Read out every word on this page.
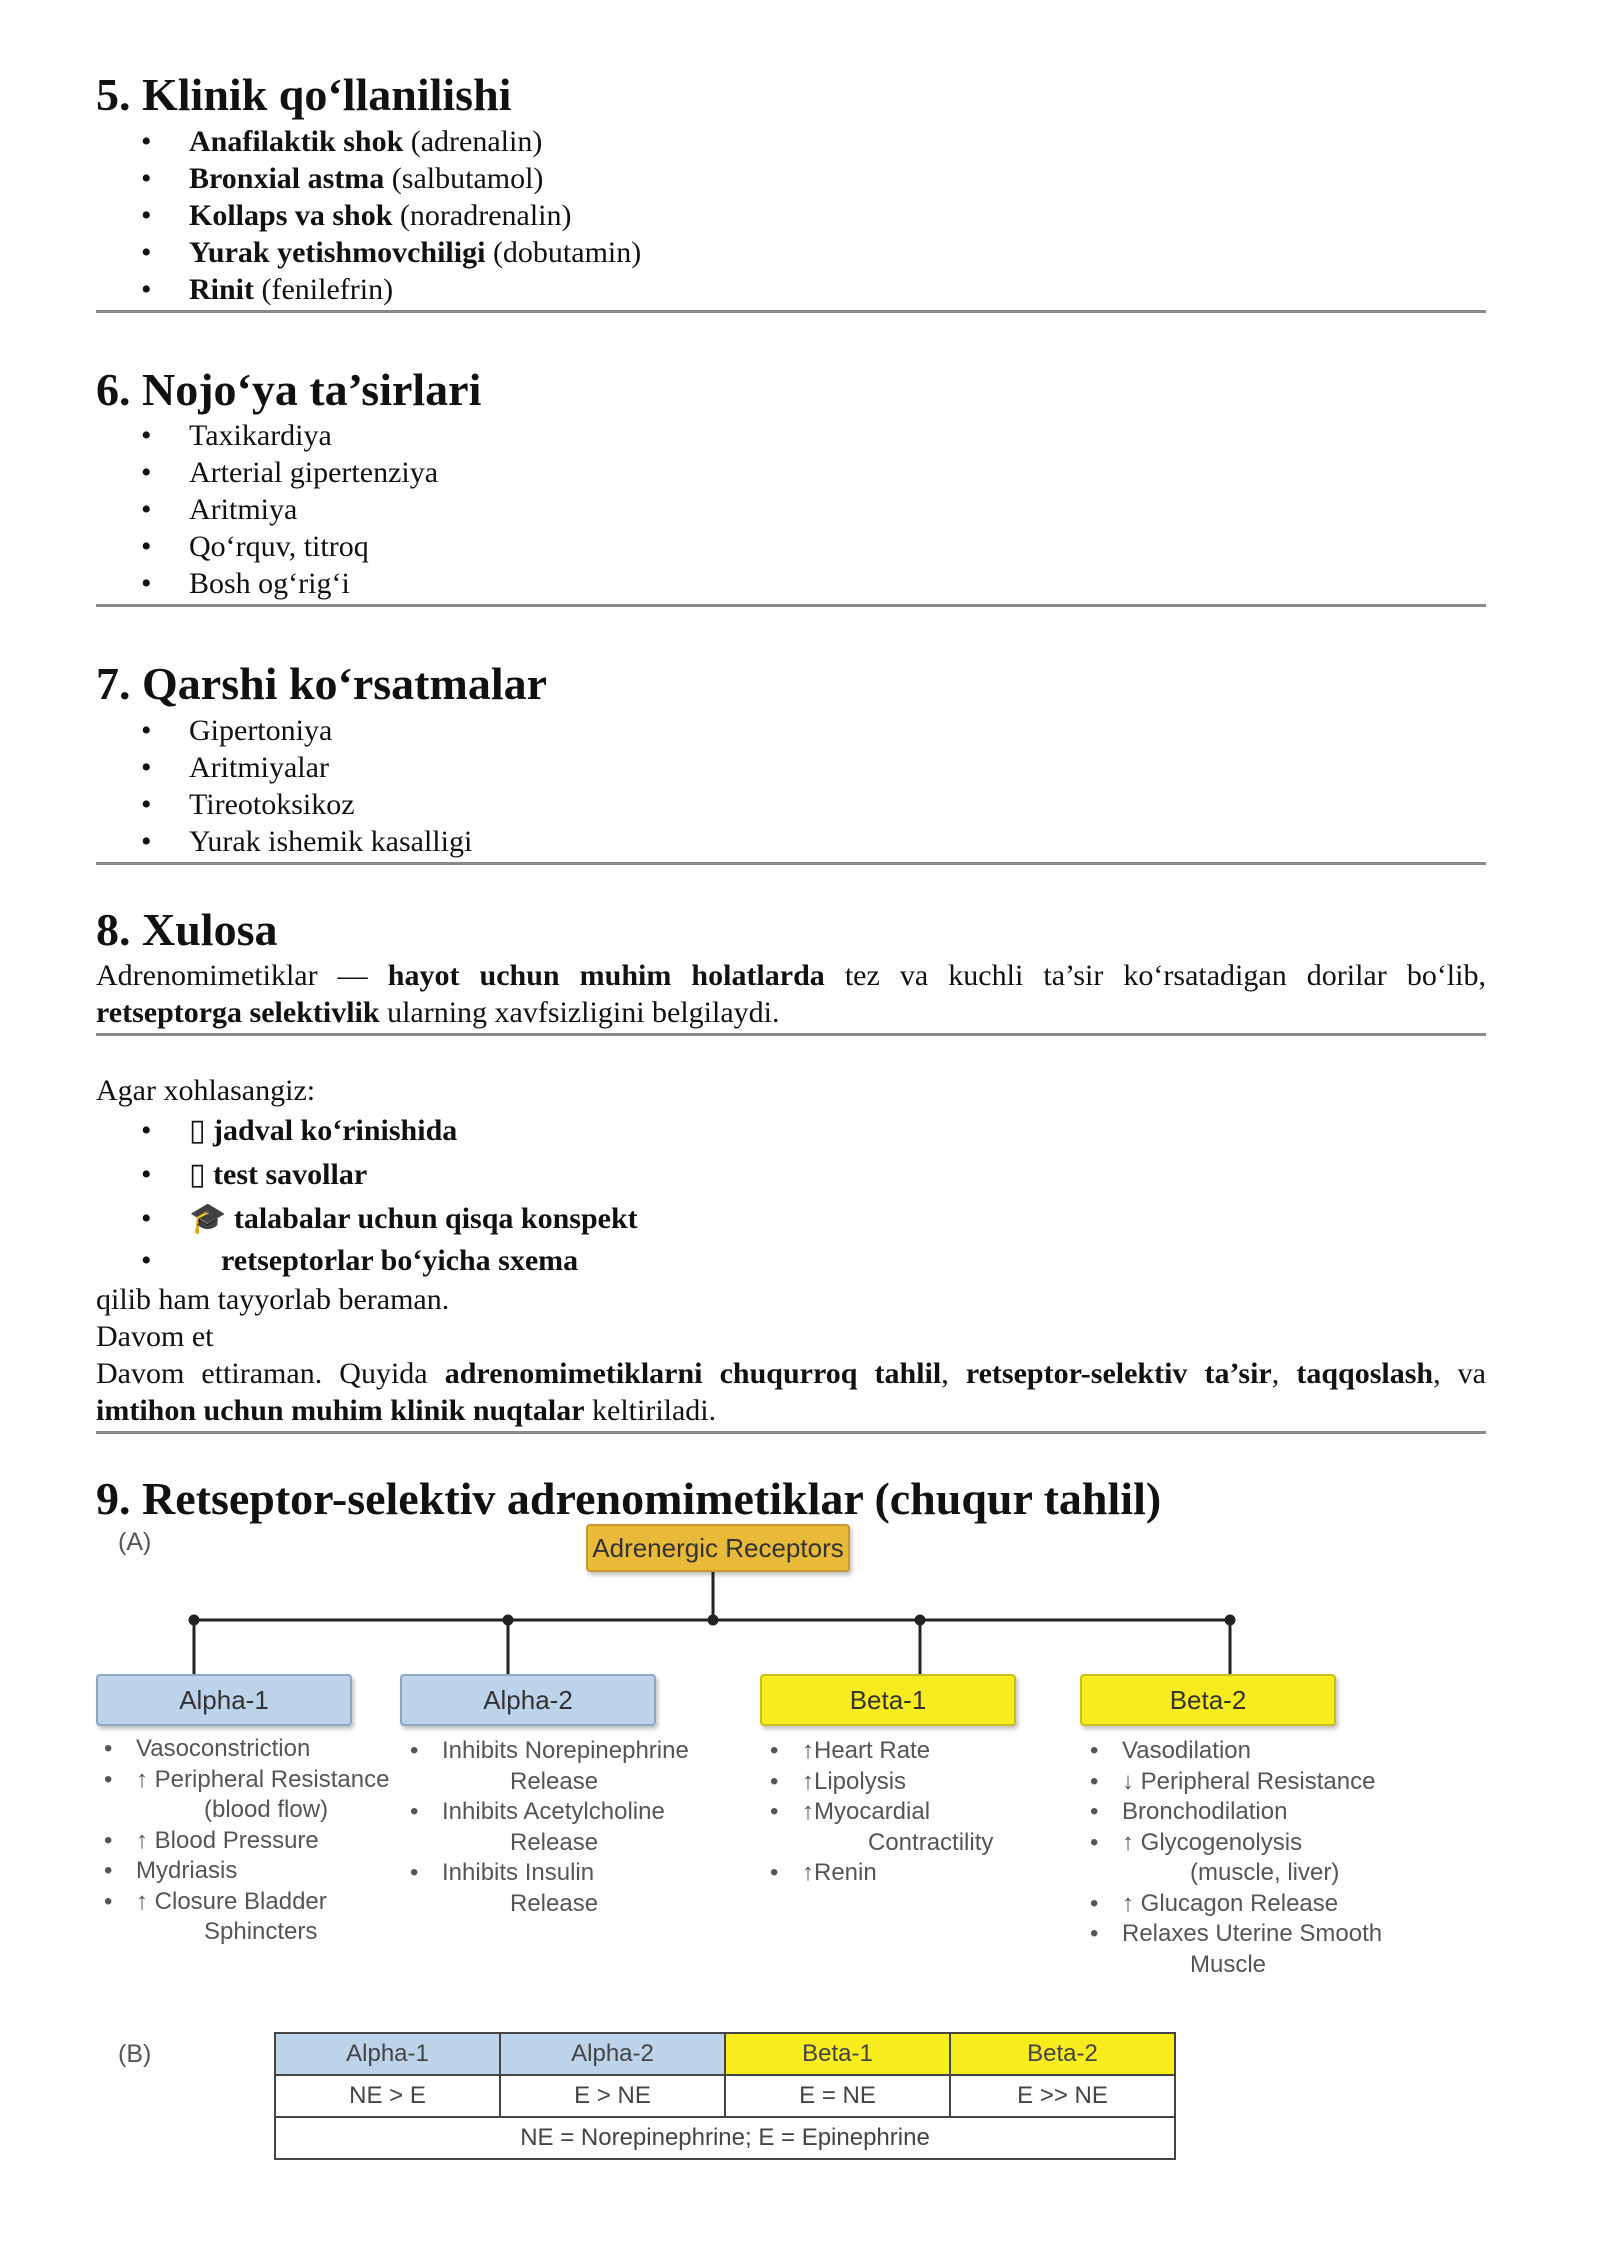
5. Klinik qo‘llanilishi
• Anafilaktik shok (adrenalin)
• Bronxial astma (salbutamol)
• Kollaps va shok (noradrenalin)
• Yurak yetishmovchiligi (dobutamin)
• Rinit (fenilefrin)
6. Nojo‘ya ta’sirlari
• Taxikardiya
• Arterial gipertenziya
• Aritmiya
• Qo‘rquv, titroq
• Bosh og‘rig‘i
7. Qarshi ko‘rsatmalar
• Gipertoniya
• Aritmiyalar
• Tireotoksikoz
• Yurak ishemik kasalligi
8. Xulosa

Adrenomimetiklar — hayot uchun muhim holatlarda tez va kuchli ta’sir ko‘rsatadigan dorilar bo‘lib, retseptorga selektivlik ularning xavfsizligini belgilaydi.

Agar xohlasangiz:

• ▯ jadval ko‘rinishida
• ▯ test savollar
• 🎓 talabalar uchun qisqa konspekt
• retseptorlar bo‘yicha sxema

qilib ham tayyorlab beraman.

Davom et

Davom ettiraman. Quyida adrenomimetiklarni chuqurroq tahlil, retseptor-selektiv ta’sir, taqqoslash, va imtihon uchun muhim klinik nuqtalar keltiriladi.

9. Retseptor-selektiv adrenomimetiklar (chuqur tahlil)
(A)	Adrenergic Receptors
Alpha-1	Alpha-2	Beta-1	Beta-2
• Vasoconstriction
• ↑ Peripheral Resistance
(blood flow)
• ↑ Blood Pressure
• Mydriasis
• ↑ Closure Bladder
Sphincters
• Inhibits Norepinephrine
Release
• Inhibits Acetylcholine
Release
• Inhibits Insulin
Release
• ↑Heart Rate
• ↑Lipolysis
• ↑Myocardial
Contractility
• ↑Renin
• Vasodilation
• ↓ Peripheral Resistance
• Bronchodilation
• ↑ Glycogenolysis
(muscle, liver)
• ↑ Glucagon Release
• Relaxes Uterine Smooth
Muscle
(B)	Alpha-1	Alpha-2	Beta-1	Beta-2
NE > E	E > NE	E = NE	E >> NE
NE = Norepinephrine; E = Epinephrine			
